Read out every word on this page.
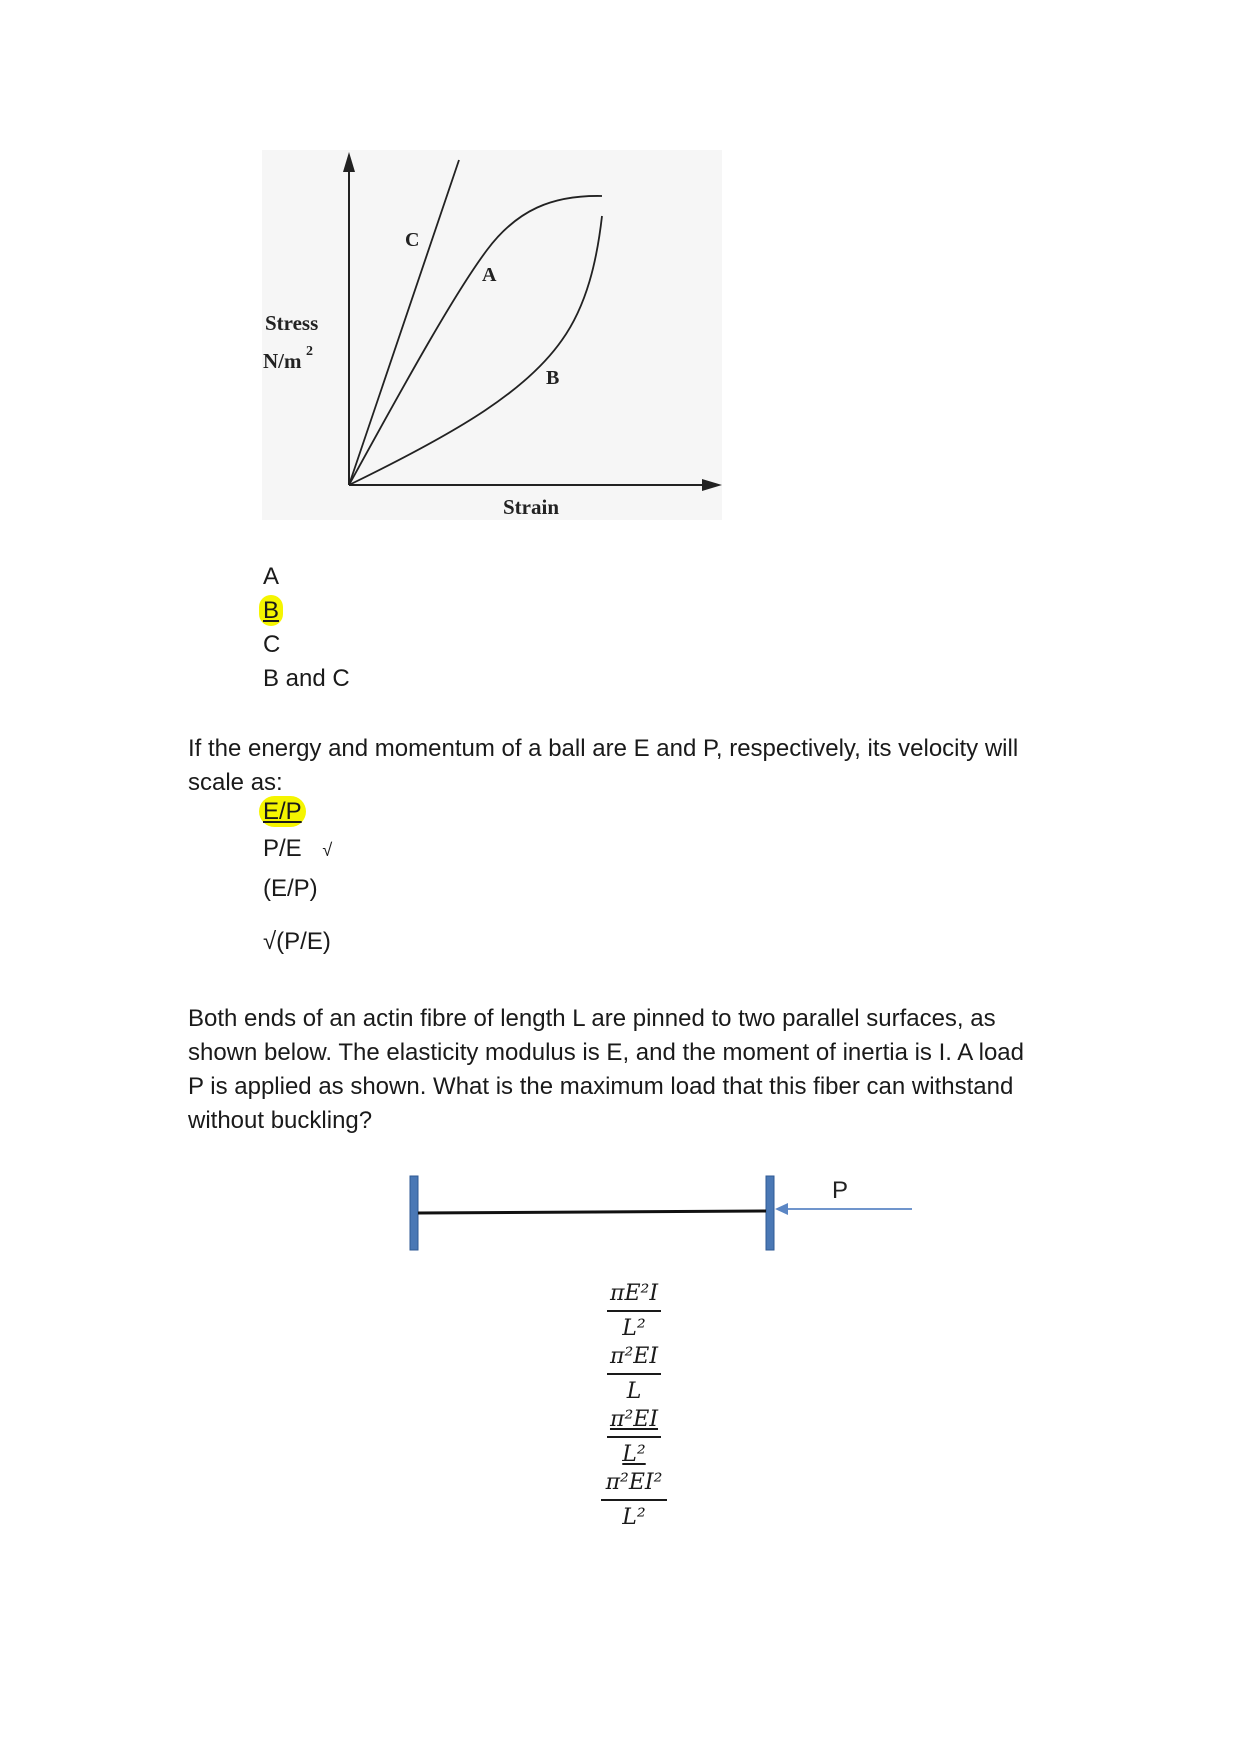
C
A
B
Stress
N/m 2
Strain
A
B
C
B and C
If the energy and momentum of a ball are E and P, respectively, its velocity will
scale as:
E/P
P/E √
(E/P)
√(P/E)
Both ends of an actin fibre of length L are pinned to two parallel surfaces, as
shown below. The elasticity modulus is E, and the moment of inertia is I. A load
P is applied as shown. What is the maximum load that this fiber can withstand
without buckling?
P
πE²I
L²
π²EI
L
$\frac{\text{π²EI}}{\text{L²}}$
π²EI²
L²
